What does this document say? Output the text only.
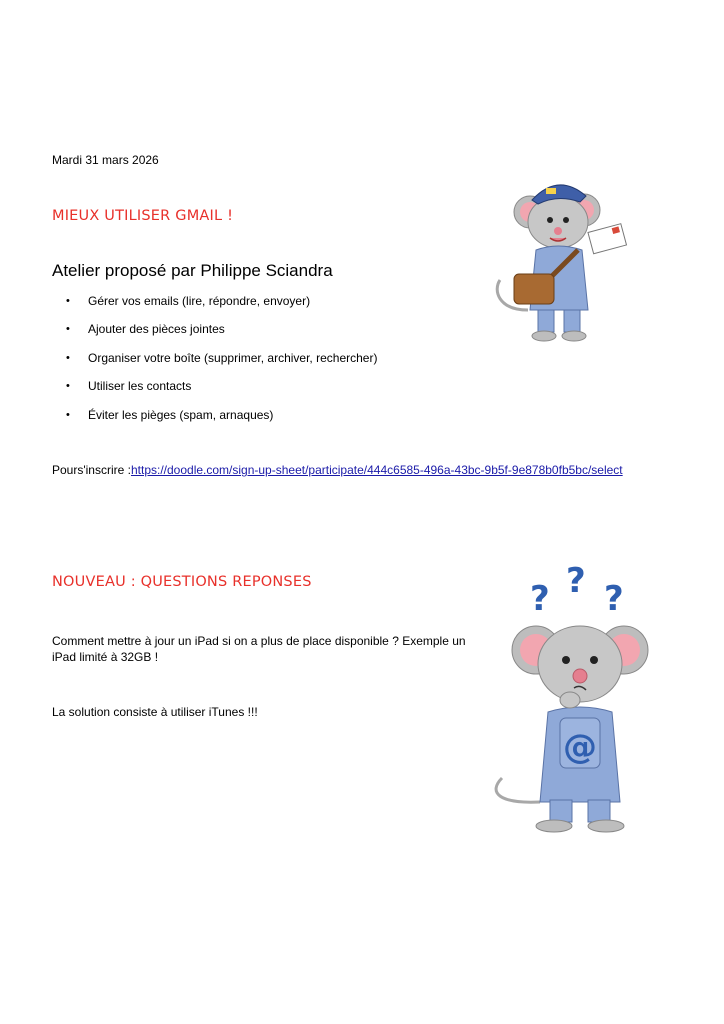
Mardi 31 mars 2026
MIEUX UTILISER GMAIL !
Atelier proposé par Philippe Sciandra
•	Gérer vos emails (lire, répondre, envoyer)
•	Ajouter des pièces jointes
•	Organiser votre boîte (supprimer, archiver, rechercher)
•	Utiliser les contacts
•	Éviter les pièges (spam, arnaques)
Pours'inscrire :https://doodle.com/sign-up-sheet/participate/444c6585-496a-43bc-9b5f-9e878b0fb5bc/select
NOUVEAU : QUESTIONS REPONSES
Comment mettre à jour un iPad si on a plus de place disponible ? Exemple un iPad limité à 32GB !
La solution consiste à utiliser iTunes !!!
? ? ?
@
